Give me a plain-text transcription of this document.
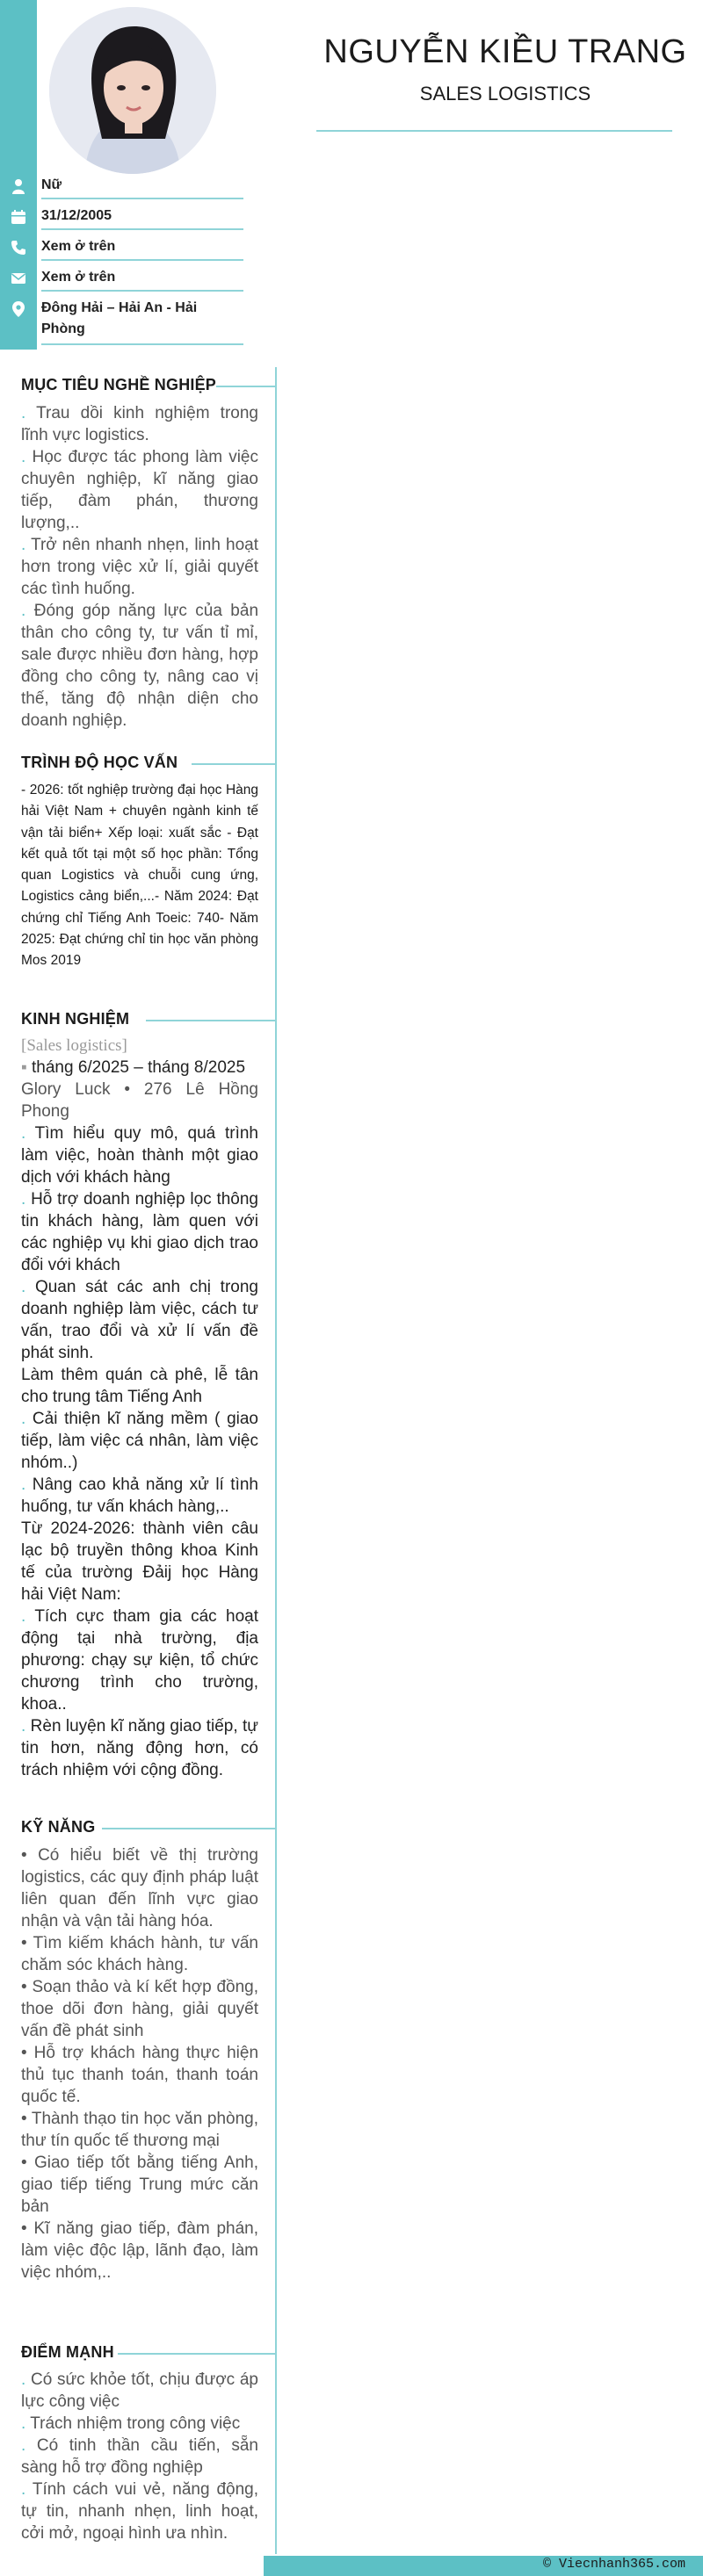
Nữ
31/12/2005
Xem ở trên
Xem ở trên
Đông Hải – Hải An - Hải Phòng
NGUYỄN KIỀU TRANG
SALES LOGISTICS
MỤC TIÊU NGHỀ NGHIỆP

. Trau dồi kinh nghiệm trong lĩnh vực logistics.

. Học được tác phong làm việc chuyên nghiệp, kĩ năng giao tiếp, đàm phán, thương lượng,..

. Trở nên nhanh nhẹn, linh hoạt hơn trong việc xử lí, giải quyết các tình huống.

. Đóng góp năng lực của bản thân cho công ty, tư vấn tỉ mỉ, sale được nhiều đơn hàng, hợp đồng cho công ty, nâng cao vị thế, tăng độ nhận diện cho doanh nghiệp.

TRÌNH ĐỘ HỌC VẤN
- 2026: tốt nghiệp trường đại học Hàng hải Việt Nam + chuyên ngành kinh tế vận tải biển+ Xếp loại: xuất sắc - Đạt kết quả tốt tại một số học phần: Tổng quan Logistics và chuỗi cung ứng, Logistics cảng biển,...- Năm 2024: Đạt chứng chỉ Tiếng Anh Toeic: 740- Năm 2025: Đạt chứng chỉ tin học văn phòng Mos 2019
KINH NGHIỆM

[Sales logistics]

▪ tháng 6/2025 – tháng 8/2025

Glory Luck • 276 Lê Hồng Phong

. Tìm hiểu quy mô, quá trình làm việc, hoàn thành một giao dịch với khách hàng

. Hỗ trợ doanh nghiệp lọc thông tin khách hàng, làm quen với các nghiệp vụ khi giao dịch trao đổi với khách

. Quan sát các anh chị trong doanh nghiệp làm việc, cách tư vấn, trao đổi và xử lí vấn đề phát sinh.

Làm thêm quán cà phê, lễ tân cho trung tâm Tiếng Anh

. Cải thiện kĩ năng mềm ( giao tiếp, làm việc cá nhân, làm việc nhóm..)

. Nâng cao khả năng xử lí tình huống, tư vấn khách hàng,..

Từ 2024-2026: thành viên câu lạc bộ truyền thông khoa Kinh tế của trường Đảij học Hàng hải Việt Nam:

. Tích cực tham gia các hoạt động tại nhà trường, địa phương: chạy sự kiện, tổ chức chương trình cho trường, khoa..

. Rèn luyện kĩ năng giao tiếp, tự tin hơn, năng động hơn, có trách nhiệm với cộng đồng.

KỸ NĂNG

• Có hiểu biết về thị trường logistics, các quy định pháp luật liên quan đến lĩnh vực giao nhận và vận tải hàng hóa.

• Tìm kiếm khách hành, tư vấn chăm sóc khách hàng.

• Soạn thảo và kí kết hợp đồng, thoe dõi đơn hàng, giải quyết vấn đề phát sinh

• Hỗ trợ khách hàng thực hiện thủ tục thanh toán, thanh toán quốc tế.

• Thành thạo tin học văn phòng, thư tín quốc tế thương mại

• Giao tiếp tốt bằng tiếng Anh, giao tiếp tiếng Trung mức căn bản

• Kĩ năng giao tiếp, đàm phán, làm việc độc lập, lãnh đạo, làm việc nhóm,..

ĐIỂM MẠNH

. Có sức khỏe tốt, chịu được áp lực công việc

. Trách nhiệm trong công việc

. Có tinh thần cầu tiến, sẵn sàng hỗ trợ đồng nghiệp

. Tính cách vui vẻ, năng động, tự tin, nhanh nhẹn, linh hoạt, cởi mở, ngoại hình ưa nhìn.

© Viecnhanh365.com
